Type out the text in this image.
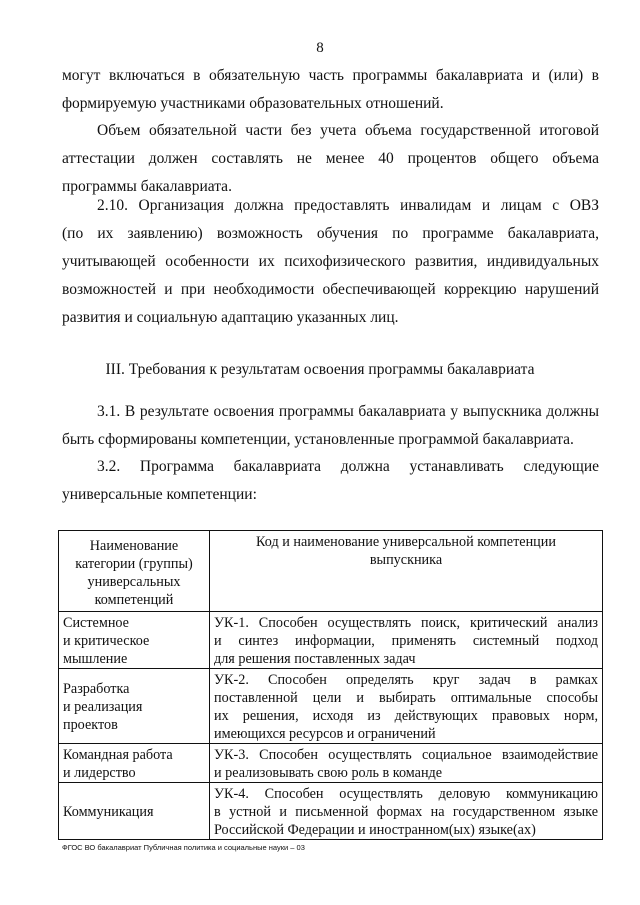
8
могут включаться в обязательную часть программы бакалавриата и (или) в
формируемую участниками образовательных отношений.
Объем обязательной части без учета объема государственной итоговой
аттестации должен составлять не менее 40 процентов общего объема
программы бакалавриата.
2.10. Организация должна предоставлять инвалидам и лицам с ОВЗ
(по их заявлению) возможность обучения по программе бакалавриата,
учитывающей особенности их психофизического развития, индивидуальных
возможностей и при необходимости обеспечивающей коррекцию нарушений
развития и социальную адаптацию указанных лиц.
III. Требования к результатам освоения программы бакалавриата
3.1. В результате освоения программы бакалавриата у выпускника должны
быть сформированы компетенции, установленные программой бакалавриата.
3.2. Программа бакалавриата должна устанавливать следующие
универсальные компетенции:
Наименование
категории (группы)
универсальных
компетенций	Код и наименование универсальной компетенции
выпускника

Системное
и критическое
мышление	УК-1. Способен осуществлять поиск, критический анализ
и синтез информации, применять системный подход
для решения поставленных задач

Разработка
и реализация
проектов	УК-2. Способен определять круг задач в рамках
поставленной цели и выбирать оптимальные способы
их решения, исходя из действующих правовых норм,
имеющихся ресурсов и ограничений

Командная работа
и лидерство	УК-3. Способен осуществлять социальное взаимодействие
и реализовывать свою роль в команде

Коммуникация	УК-4. Способен осуществлять деловую коммуникацию
в устной и письменной формах на государственном языке
Российской Федерации и иностранном(ых) языке(ах)
ФГОС ВО бакалавриат Публичная политика и социальные науки – 03
